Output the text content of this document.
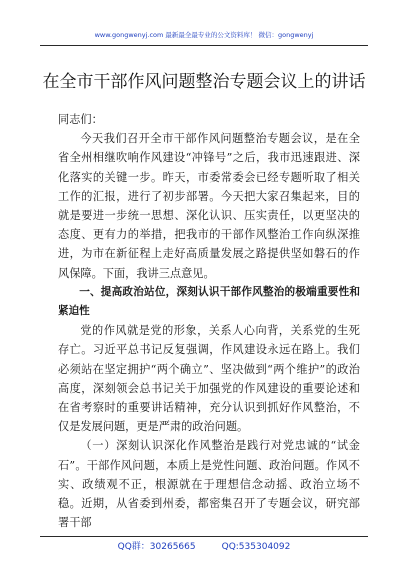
www.gongwenyj.com 最新最全最专业的公文资料库！ 微信：gongwenyj
在全市干部作风问题整治专题会议上的讲话

同志们：

今天我们召开全市干部作风问题整治专题会议，是在全省全州相继吹响作风建设“冲锋号”之后，我市迅速跟进、深化落实的关键一步。昨天，市委常委会已经专题听取了相关工作的汇报，进行了初步部署。今天把大家召集起来，目的就是要进一步统一思想、深化认识、压实责任，以更坚决的态度、更有力的举措，把我市的干部作风整治工作向纵深推进，为市在新征程上走好高质量发展之路提供坚如磐石的作风保障。下面，我讲三点意见。

一、提高政治站位，深刻认识干部作风整治的极端重要性和紧迫性

党的作风就是党的形象，关系人心向背，关系党的生死存亡。习近平总书记反复强调，作风建设永远在路上。我们必须站在坚定拥护“两个确立”、坚决做到“两个维护”的政治高度，深刻领会总书记关于加强党的作风建设的重要论述和在省考察时的重要讲话精神，充分认识到抓好作风整治，不仅是发展问题，更是严肃的政治问题。

（一）深刻认识深化作风整治是践行对党忠诚的“试金石”。干部作风问题，本质上是党性问题、政治问题。作风不实、政绩观不正，根源就在于理想信念动摇、政治立场不稳。近期，从省委到州委，都密集召开了专题会议，研究部署干部

QQ群：30265665	QQ:535304092
